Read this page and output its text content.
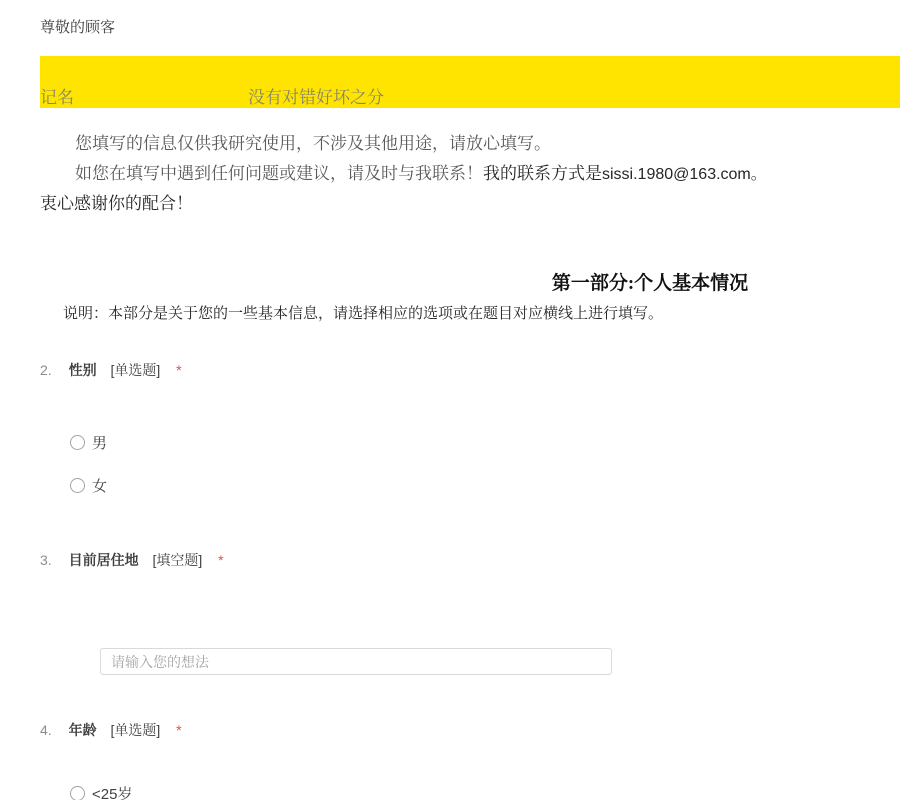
尊敬的顾客
记名	没有对错好坏之分
您填写的信息仅供我研究使用，不涉及其他用途，请放心填写。
如您在填写中遇到任何问题或建议，请及时与我联系！我的联系方式是sissi.1980@163.com。
衷心感谢你的配合！
第一部分:个人基本情况
说明：本部分是关于您的一些基本信息，请选择相应的选项或在题目对应横线上进行填写。
2. 性别 [单选题] *
男
女
3. 目前居住地 [填空题] *
请输入您的想法
4. 年龄 [单选题] *
<25岁
